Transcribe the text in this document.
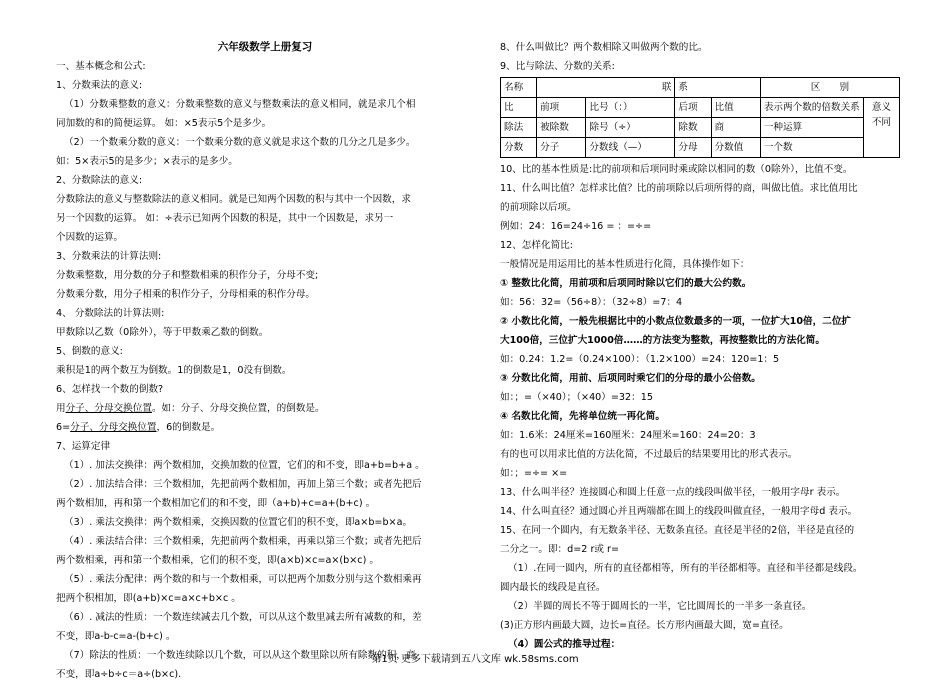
六年级数学上册复习

一、基本概念和公式:

1、分数乘法的意义:

（1）分数乘整数的意义：分数乘整数的意义与整数乘法的意义相同，就是求几个相

同加数的和的简便运算。 如：×5表示5个是多少。

（2）一个数乘分数的意义：一个数乘分数的意义就是求这个数的几分之几是多少。

如：5×表示5的是多少；×表示的是多少。

2、分数除法的意义:

分数除法的意义与整数除法的意义相同。就是已知两个因数的积与其中一个因数，求

另一个因数的运算。 如：÷表示已知两个因数的积是，其中一个因数是，求另一

个因数的运算。

3、分数乘法的计算法则:

分数乘整数，用分数的分子和整数相乘的积作分子，分母不变;

分数乘分数，用分子相乘的积作分子，分母相乘的积作分母。

4、 分数除法的计算法则:

甲数除以乙数（0除外），等于甲数乘乙数的倒数。

5、倒数的意义:

乘积是1的两个数互为倒数。1的倒数是1，0没有倒数。

6、怎样找一个数的倒数?

用分子、分母交换位置。如：分子、分母交换位置，的倒数是。

6=分子、分母交换位置，6的倒数是。

7、运算定律

（1）. 加法交换律：两个数相加，交换加数的位置，它们的和不变，即a+b=b+a 。

（2）. 加法结合律：三个数相加，先把前两个数相加，再加上第三个数；或者先把后

两个数相加，再和第一个数相加它们的和不变，即（a+b)+c=a+(b+c) 。

（3）. 乘法交换律：两个数相乘，交换因数的位置它们的积不变，即a×b=b×a。

（4）. 乘法结合律：三个数相乘，先把前两个数相乘，再乘以第三个数；或者先把后

两个数相乘，再和第一个数相乘，它们的积不变，即(a×b)×c=a×(b×c) 。

（5）. 乘法分配律：两个数的和与一个数相乘，可以把两个加数分别与这个数相乘再

把两个积相加，即(a+b)×c=a×c+b×c 。

（6）. 减法的性质：一个数连续减去几个数，可以从这个数里减去所有减数的和，差

不变，即a-b-c=a-(b+c) 。

（7）除法的性质：一个数连续除以几个数，可以从这个数里除以所有除数的积，商

不变，即a÷b÷c＝a÷(b×c).

8、什么叫做比？两个数相除又叫做两个数的比。

9、比与除法、分数的关系:

名称	联		系		区　　 别	
比	前项	比号（：）	后项	比值	表示两个数的倍数关系	意义
不同
除法	被除数	除号（÷）	除数	商	一种运算	
分数	分子	分数线（—）	分母	分数值	一个数	

10、比的基本性质是:比的前项和后项同时乘或除以相同的数（0除外），比值不变。

11、什么叫比值？怎样求比值？比的前项除以后项所得的商，叫做比值。求比值用比

的前项除以后项。

例如：24：16=24÷16 = ：=÷=

12、怎样化简比:

一般情况是用运用比的基本性质进行化简，具体操作如下：

① 整数比化简，用前项和后项同时除以它们的最大公约数。

如：56：32=（56÷8）：（32÷8）=7：4

② 小数比化简，一般先根据比中的小数点位数最多的一项，一位扩大10倍，二位扩

大100倍，三位扩大1000倍……的方法变为整数，再按整数比的方法化简。

如：0.24：1.2=（0.24×100）：（1.2×100）=24：120=1：5

③ 分数比化简，用前、后项同时乘它们的分母的最小公倍数。

如：；=（×40）；（×40）=32：15

④ 名数比化简，先将单位统一再化简。

如：1.6米：24厘米=160厘米：24厘米=160：24=20：3

有的也可以用求比值的方法化简，不过最后的结果要用比的形式表示。

如：；=÷= ×=

13、什么叫半径？连接圆心和圆上任意一点的线段叫做半径，一般用字母r 表示。

14、什么叫直径？通过圆心并且两端都在圆上的线段叫做直径，一般用字母d 表示。

15、在同一个圆内，有无数条半径、无数条直径。直径是半径的2倍，半径是直径的

二分之一。即：d=2 r或 r=

（1）.在同一圆内，所有的直径都相等，所有的半径都相等。直径和半径都是线段。

圆内最长的线段是直径。

（2）半圆的周长不等于圆周长的一半，它比圆周长的一半多一条直径。

(3)正方形内画最大圆，边长=直径。长方形内画最大圆，宽=直径。

（4）圆公式的推导过程：

第1页 更多下载请到五八文库 wk.58sms.com
